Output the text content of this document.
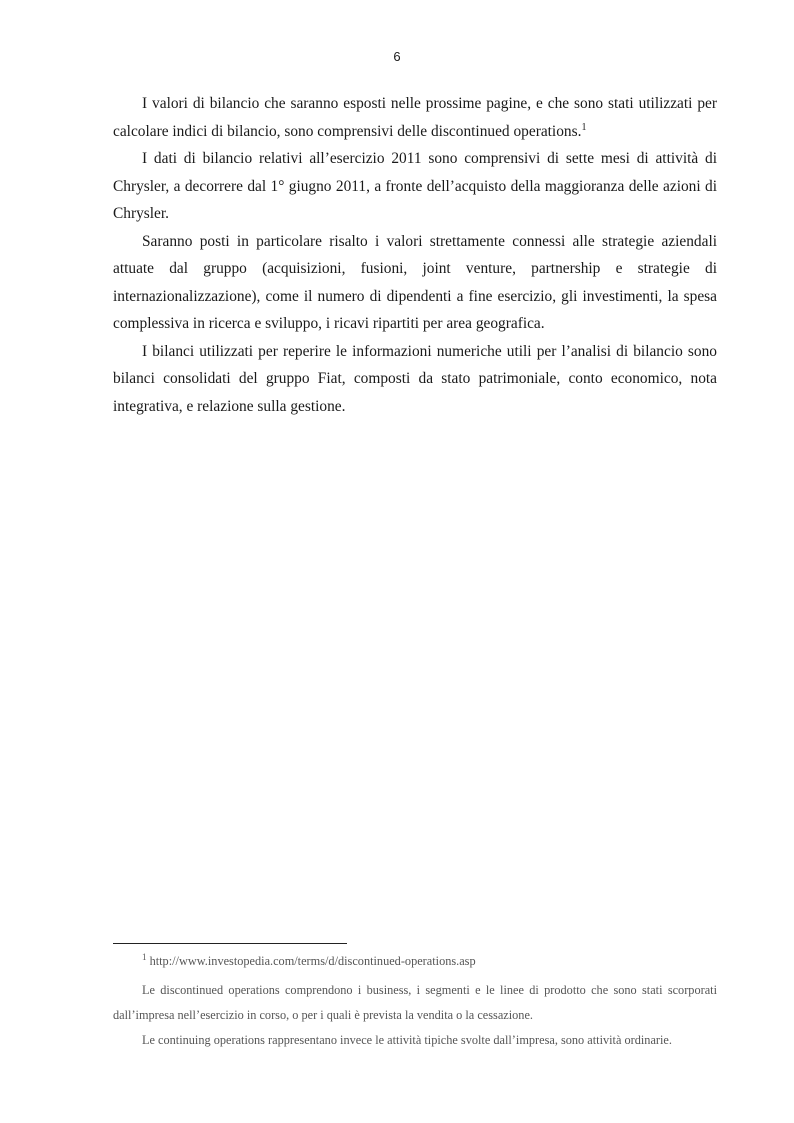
6

I valori di bilancio che saranno esposti nelle prossime pagine, e che sono stati utilizzati per calcolare indici di bilancio, sono comprensivi delle discontinued operations.$^1$

I dati di bilancio relativi all’esercizio 2011 sono comprensivi di sette mesi di attività di Chrysler, a decorrere dal 1° giugno 2011, a fronte dell’acquisto della maggioranza delle azioni di Chrysler.

Saranno posti in particolare risalto i valori strettamente connessi alle strategie aziendali attuate dal gruppo (acquisizioni, fusioni, joint venture, partnership e strategie di internazionalizzazione), come il numero di dipendenti a fine esercizio, gli investimenti, la spesa complessiva in ricerca e sviluppo, i ricavi ripartiti per area geografica.

I bilanci utilizzati per reperire le informazioni numeriche utili per l’analisi di bilancio sono bilanci consolidati del gruppo Fiat, composti da stato patrimoniale, conto economico, nota integrativa, e relazione sulla gestione.

$^1$ http://www.investopedia.com/terms/d/discontinued-operations.asp

Le discontinued operations comprendono i business, i segmenti e le linee di prodotto che sono stati scorporati dall’impresa nell’esercizio in corso, o per i quali è prevista la vendita o la cessazione.

Le continuing operations rappresentano invece le attività tipiche svolte dall’impresa, sono attività ordinarie.
